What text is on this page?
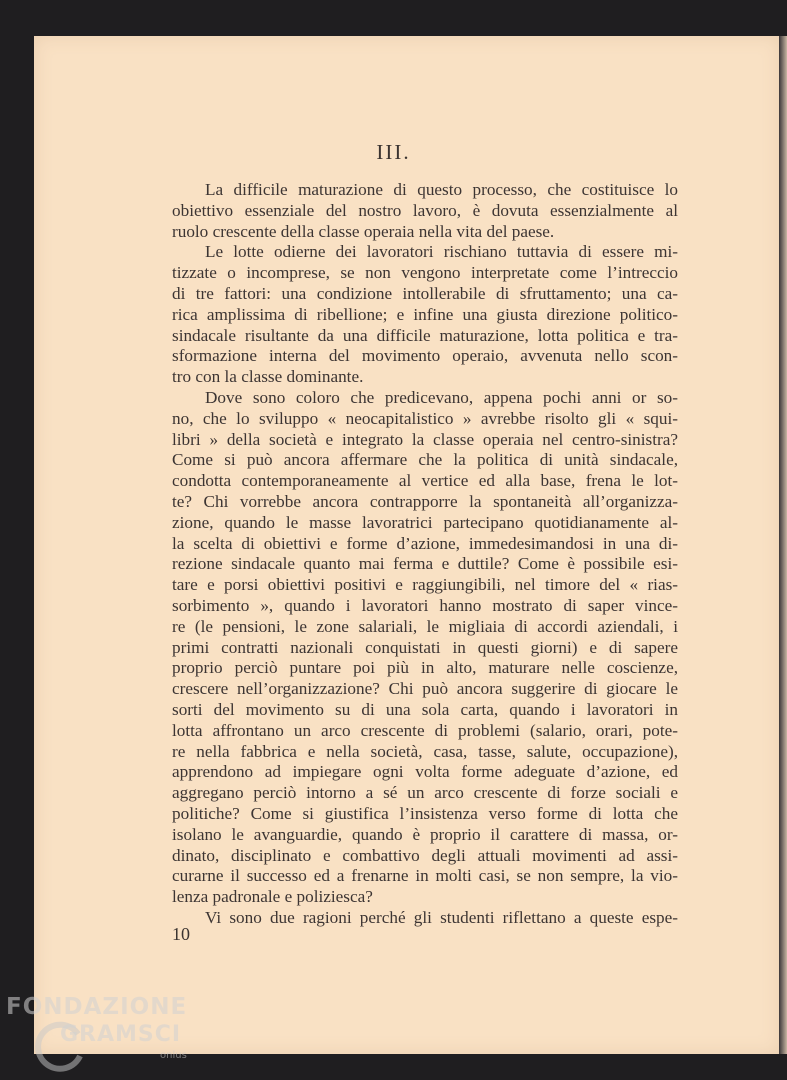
III.
La difficile maturazione di questo processo, che costituisce lo
obiettivo essenziale del nostro lavoro, è dovuta essenzialmente al
ruolo crescente della classe operaia nella vita del paese.
Le lotte odierne dei lavoratori rischiano tuttavia di essere mi-
tizzate o incomprese, se non vengono interpretate come l’intreccio
di tre fattori: una condizione intollerabile di sfruttamento; una ca-
rica amplissima di ribellione; e infine una giusta direzione politico-
sindacale risultante da una difficile maturazione, lotta politica e tra-
sformazione interna del movimento operaio, avvenuta nello scon-
tro con la classe dominante.
Dove sono coloro che predicevano, appena pochi anni or so-
no, che lo sviluppo « neocapitalistico » avrebbe risolto gli « squi-
libri » della società e integrato la classe operaia nel centro-sinistra?
Come si può ancora affermare che la politica di unità sindacale,
condotta contemporaneamente al vertice ed alla base, frena le lot-
te? Chi vorrebbe ancora contrapporre la spontaneità all’organizza-
zione, quando le masse lavoratrici partecipano quotidianamente al-
la scelta di obiettivi e forme d’azione, immedesimandosi in una di-
rezione sindacale quanto mai ferma e duttile? Come è possibile esi-
tare e porsi obiettivi positivi e raggiungibili, nel timore del « rias-
sorbimento », quando i lavoratori hanno mostrato di saper vince-
re (le pensioni, le zone salariali, le migliaia di accordi aziendali, i
primi contratti nazionali conquistati in questi giorni) e di sapere
proprio perciò puntare poi più in alto, maturare nelle coscienze,
crescere nell’organizzazione? Chi può ancora suggerire di giocare le
sorti del movimento su di una sola carta, quando i lavoratori in
lotta affrontano un arco crescente di problemi (salario, orari, pote-
re nella fabbrica e nella società, casa, tasse, salute, occupazione),
apprendono ad impiegare ogni volta forme adeguate d’azione, ed
aggregano perciò intorno a sé un arco crescente di forze sociali e
politiche? Come si giustifica l’insistenza verso forme di lotta che
isolano le avanguardie, quando è proprio il carattere di massa, or-
dinato, disciplinato e combattivo degli attuali movimenti ad assi-
curarne il successo ed a frenarne in molti casi, se non sempre, la vio-
lenza padronale e poliziesca?
Vi sono due ragioni perché gli studenti riflettano a queste espe-
10
FONDAZIONE
GRAMSCI
onlus
